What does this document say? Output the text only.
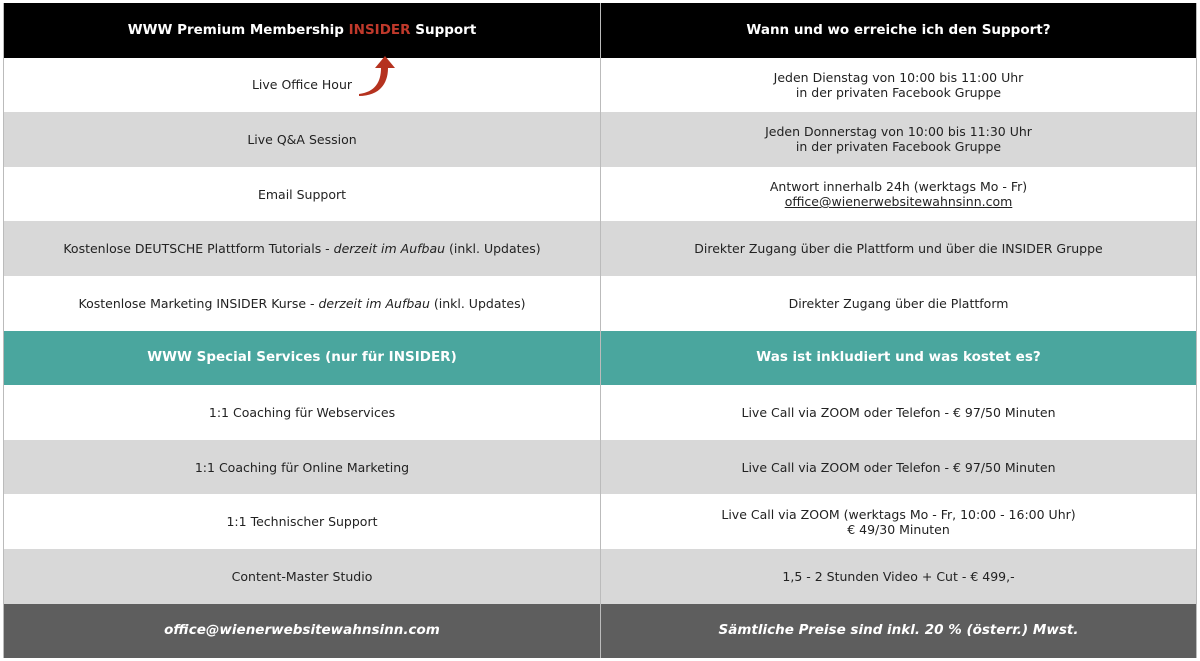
WWW Premium Membership INSIDER Support	Wann und wo erreiche ich den Support?
Live Office Hour	Jeden Dienstag von 10:00 bis 11:00 Uhr
in der privaten Facebook Gruppe

Live Q&A Session	Jeden Donnerstag von 10:00 bis 11:30 Uhr
in der privaten Facebook Gruppe

Email Support	Antwort innerhalb 24h (werktags Mo - Fr)
office@wienerwebsitewahnsinn.com

Kostenlose DEUTSCHE Plattform Tutorials - derzeit im Aufbau (inkl. Updates)	Direkter Zugang über die Plattform und über die INSIDER Gruppe
Kostenlose Marketing INSIDER Kurse - derzeit im Aufbau (inkl. Updates)	Direkter Zugang über die Plattform
WWW Special Services (nur für INSIDER)	Was ist inkludiert und was kostet es?
1:1 Coaching für Webservices	Live Call via ZOOM oder Telefon - € 97/50 Minuten
1:1 Coaching für Online Marketing	Live Call via ZOOM oder Telefon - € 97/50 Minuten
1:1 Technischer Support	Live Call via ZOOM (werktags Mo - Fr, 10:00 - 16:00 Uhr)
€ 49/30 Minuten

Content-Master Studio	1,5 - 2 Stunden Video + Cut - € 499,-
office@wienerwebsitewahnsinn.com	Sämtliche Preise sind inkl. 20 % (österr.) Mwst.
